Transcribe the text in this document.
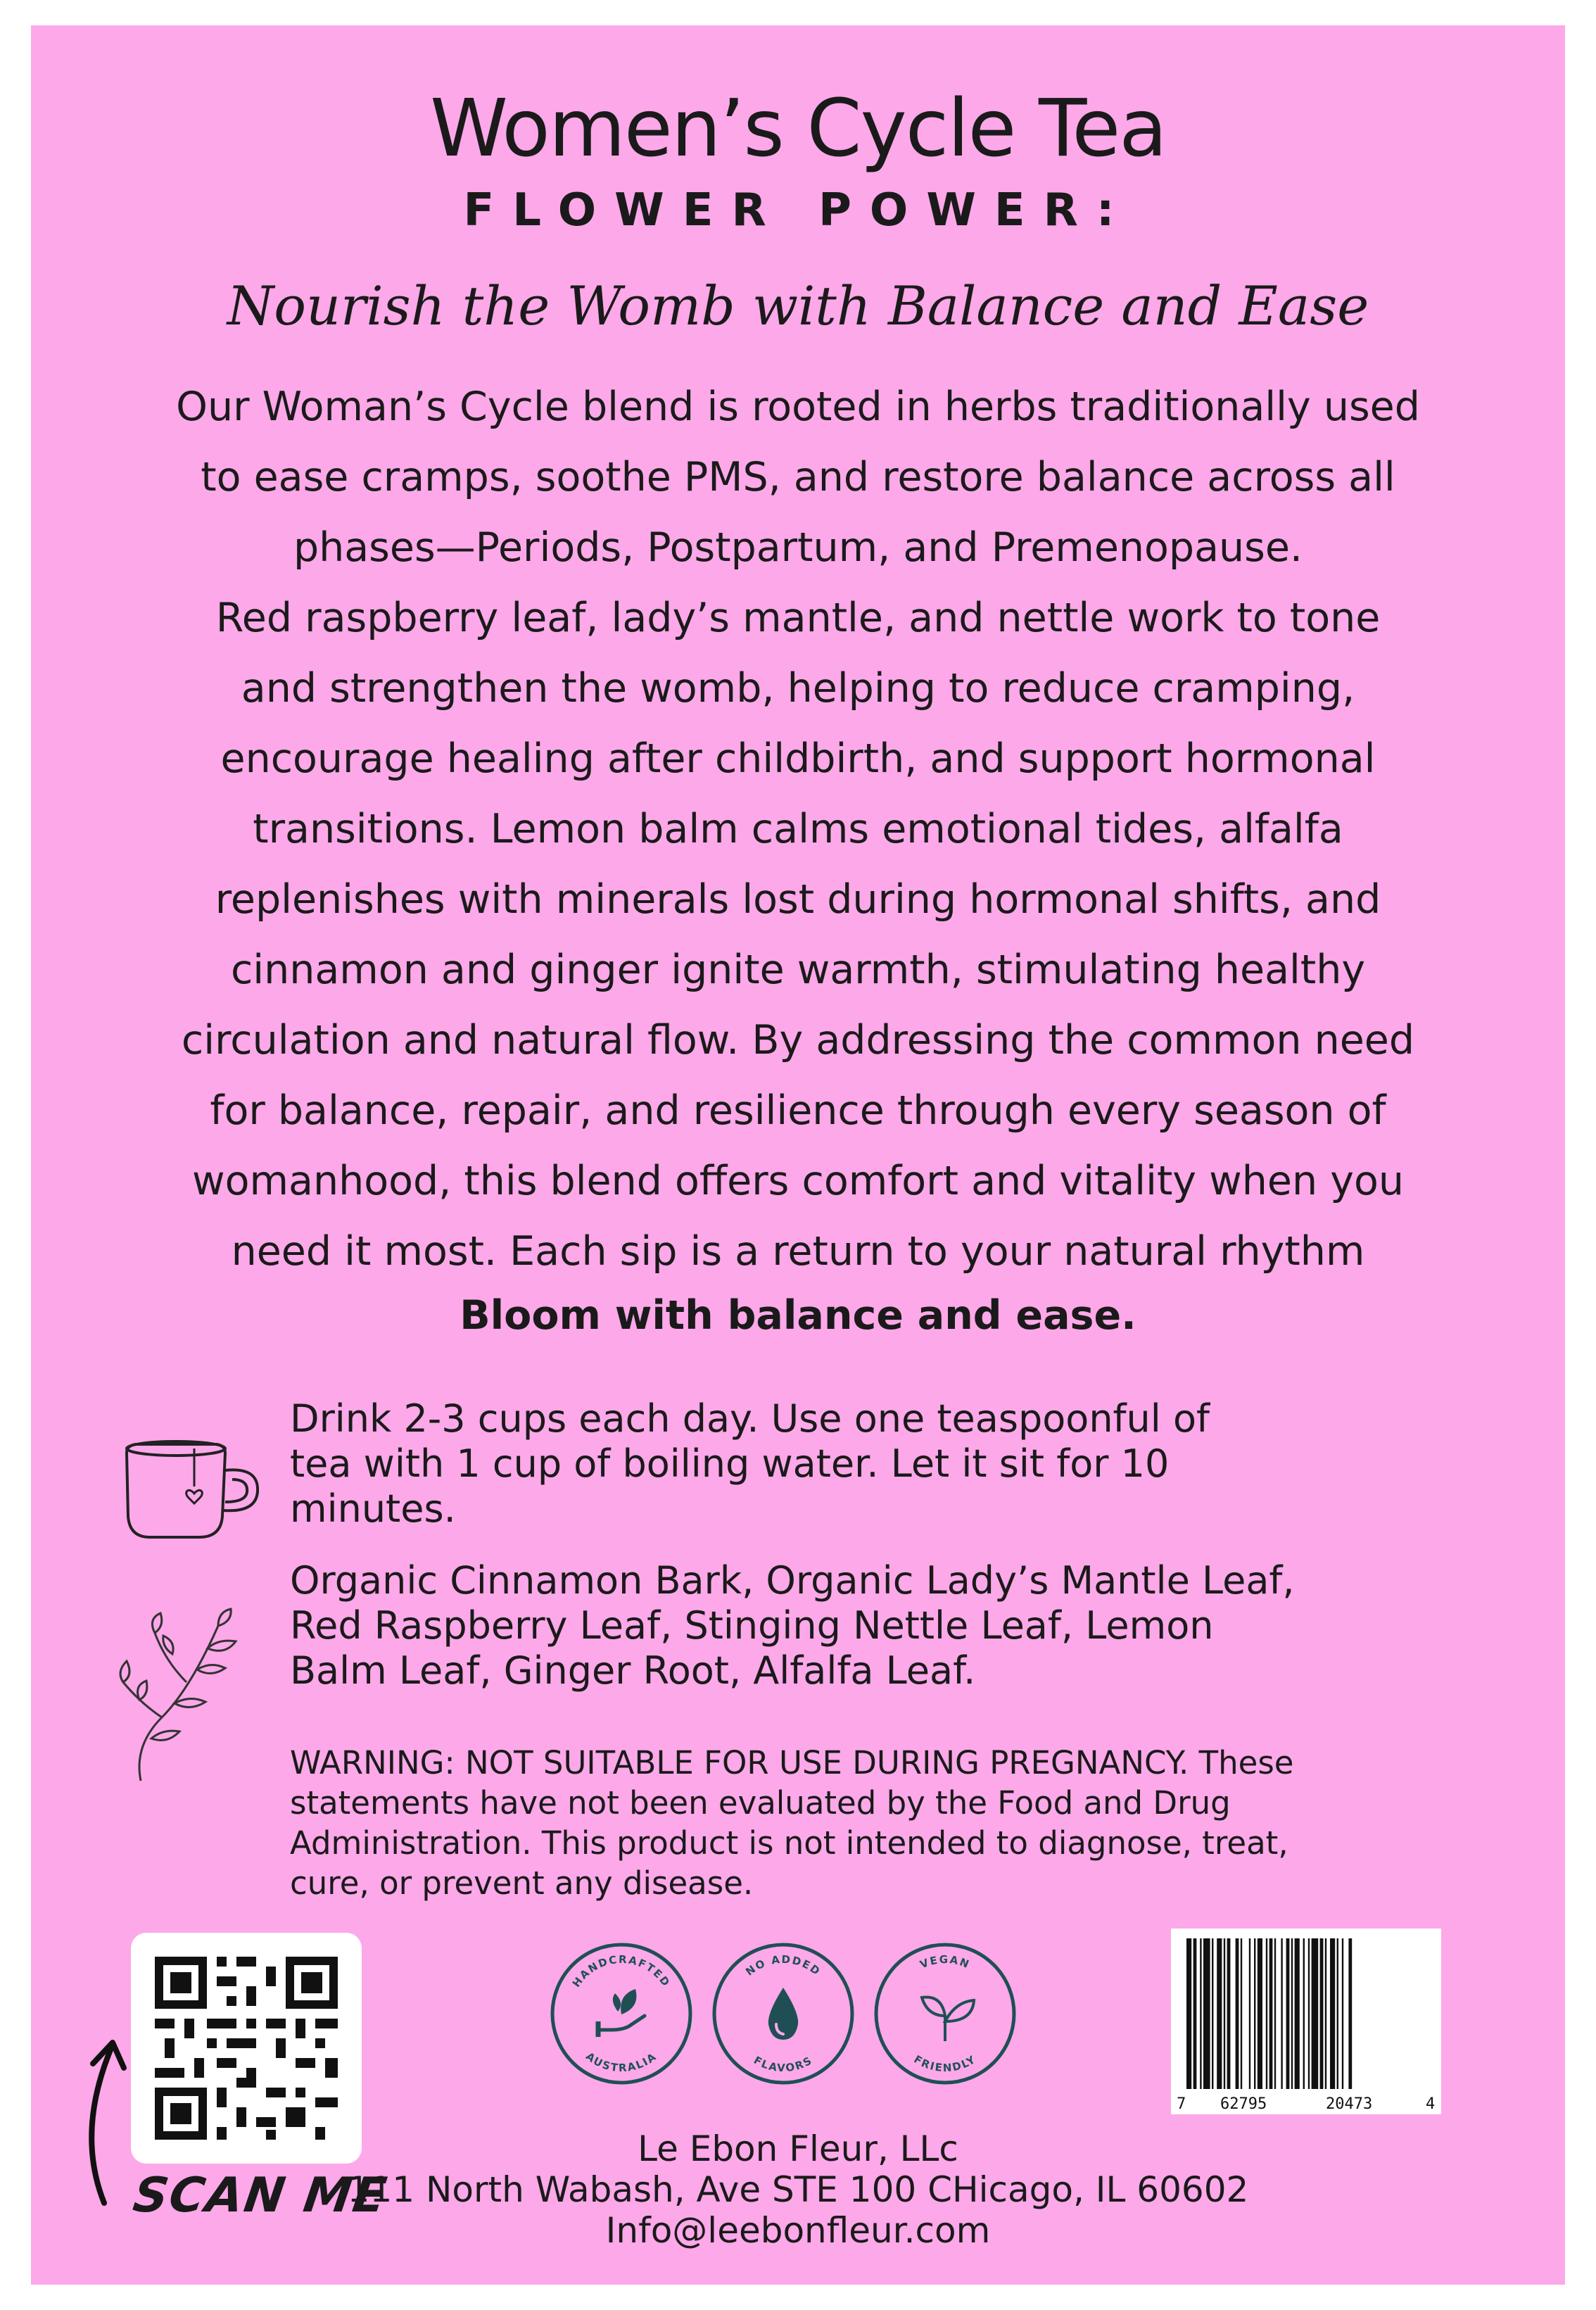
Women’s Cycle Tea
FLOWER POWER:
Nourish the Womb with Balance and Ease
Our Woman’s Cycle blend is rooted in herbs traditionally used
to ease cramps, soothe PMS, and restore balance across all
phases—Periods, Postpartum, and Premenopause.
Red raspberry leaf, lady’s mantle, and nettle work to tone
and strengthen the womb, helping to reduce cramping,
encourage healing after childbirth, and support hormonal
transitions. Lemon balm calms emotional tides, alfalfa
replenishes with minerals lost during hormonal shifts, and
cinnamon and ginger ignite warmth, stimulating healthy
circulation and natural flow. By addressing the common need
for balance, repair, and resilience through every season of
womanhood, this blend offers comfort and vitality when you
need it most. Each sip is a return to your natural rhythm
Bloom with balance and ease.
Drink 2-3 cups each day. Use one teaspoonful of
tea with 1 cup of boiling water. Let it sit for 10
minutes.
Organic Cinnamon Bark, Organic Lady’s Mantle Leaf,
Red Raspberry Leaf, Stinging Nettle Leaf, Lemon
Balm Leaf, Ginger Root, Alfalfa Leaf.
WARNING: NOT SUITABLE FOR USE DURING PREGNANCY. These
statements have not been evaluated by the Food and Drug
Administration. This product is not intended to diagnose, treat,
cure, or prevent any disease.
SCAN ME
HANDCRAFTED
AUSTRALIA
NO ADDED
FLAVORS
VEGAN
FRIENDLY
7 62795	20473	4
Le Ebon Fleur, LLc
111 North Wabash, Ave STE 100 CHicago, IL 60602
Info@leebonfleur.com
